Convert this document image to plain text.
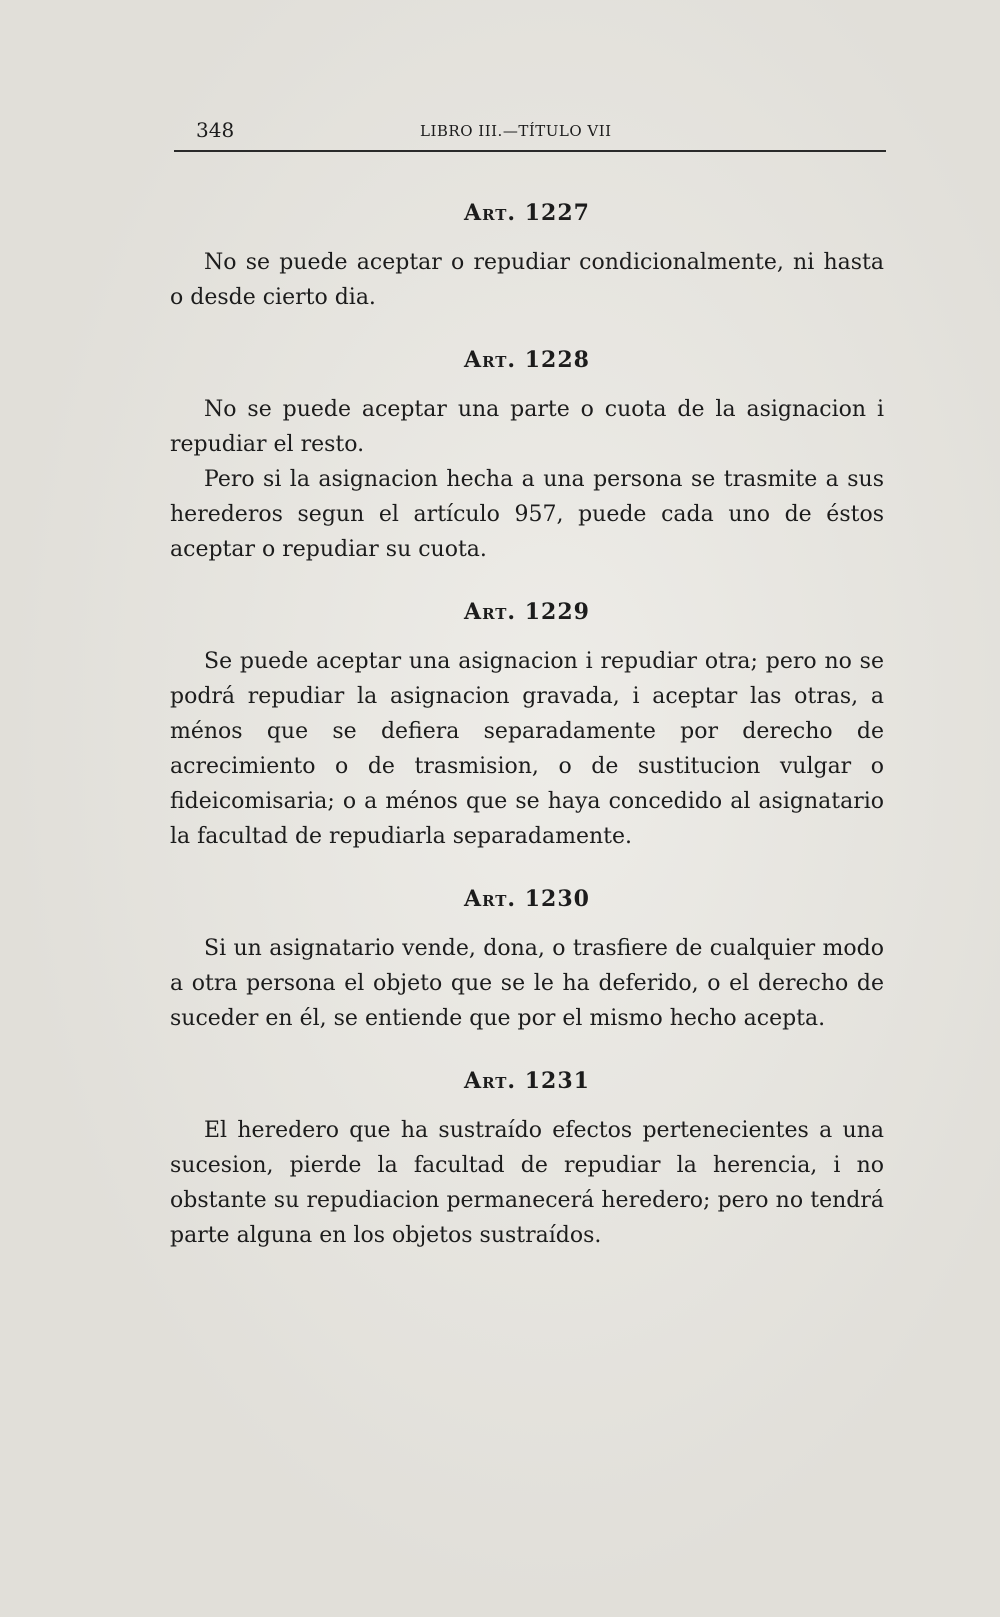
348	LIBRO III.—TÍTULO VII
Art. 1227

No se puede aceptar o repudiar condicionalmente, ni hasta o desde cierto dia.

Art. 1228

No se puede aceptar una parte o cuota de la asignacion i repudiar el resto.

Pero si la asignacion hecha a una persona se trasmite a sus herederos segun el artículo 957, puede cada uno de éstos aceptar o repudiar su cuota.

Art. 1229

Se puede aceptar una asignacion i repudiar otra; pero no se podrá repudiar la asignacion gravada, i aceptar las otras, a ménos que se defiera separadamente por derecho de acrecimiento o de trasmision, o de sustitucion vulgar o fideicomisaria; o a ménos que se haya concedido al asignatario la facultad de repudiarla separadamente.

Art. 1230

Si un asignatario vende, dona, o trasfiere de cualquier modo a otra persona el objeto que se le ha deferido, o el derecho de suceder en él, se entiende que por el mismo hecho acepta.

Art. 1231

El heredero que ha sustraído efectos pertenecientes a una sucesion, pierde la facultad de repudiar la herencia, i no obstante su repudiacion permanecerá heredero; pero no tendrá parte alguna en los objetos sustraídos.
